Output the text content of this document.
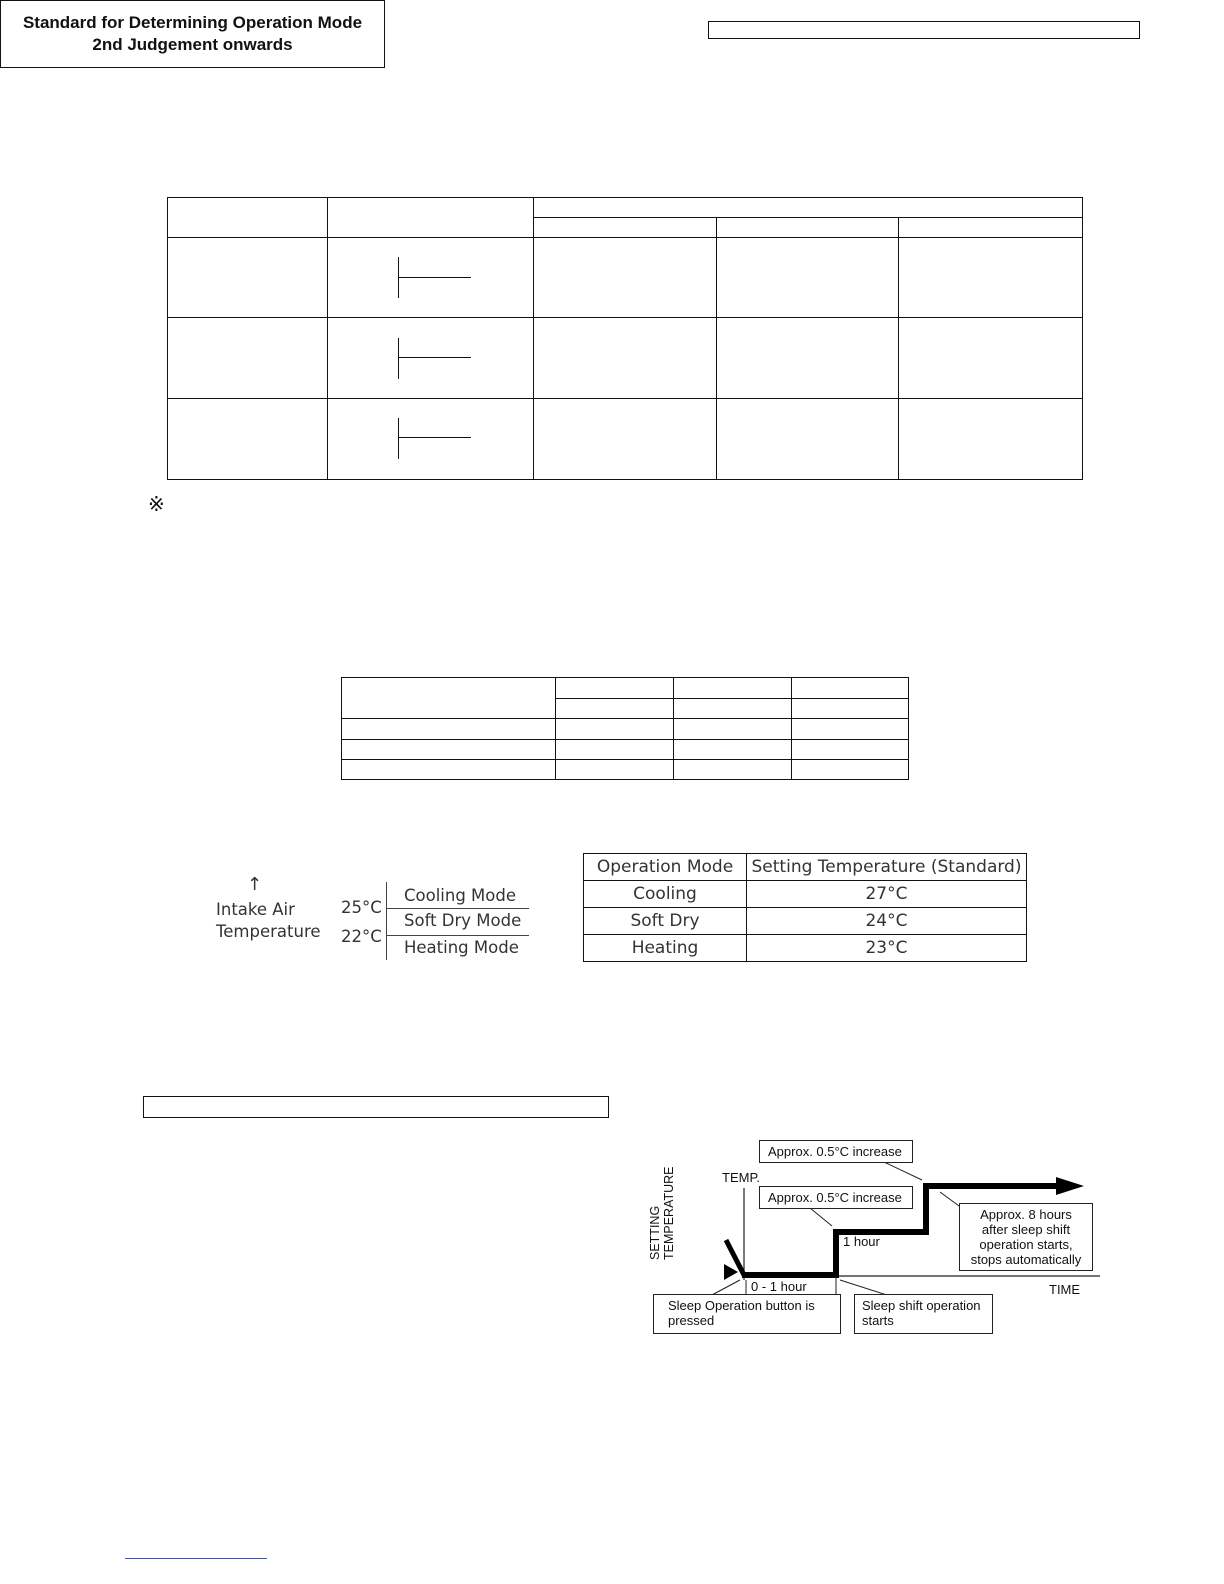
Standard for Determining Operation Mode
2nd Judgement onwards
※
↑
Intake Air
Temperature
25°C
22°C
Cooling Mode
Soft Dry Mode
Heating Mode
Operation Mode	Setting Temperature (Standard)
Cooling	27°C
Soft Dry	24°C
Heating	23°C
SETTING TEMPERATURE	TEMP.
TIME
1 hour
0 - 1 hour
Approx. 0.5°C increase
Approx. 0.5°C increase
Approx. 8 hours
after sleep shift
operation starts,
stops automatically
Sleep Operation button is
pressed
Sleep shift operation
starts
